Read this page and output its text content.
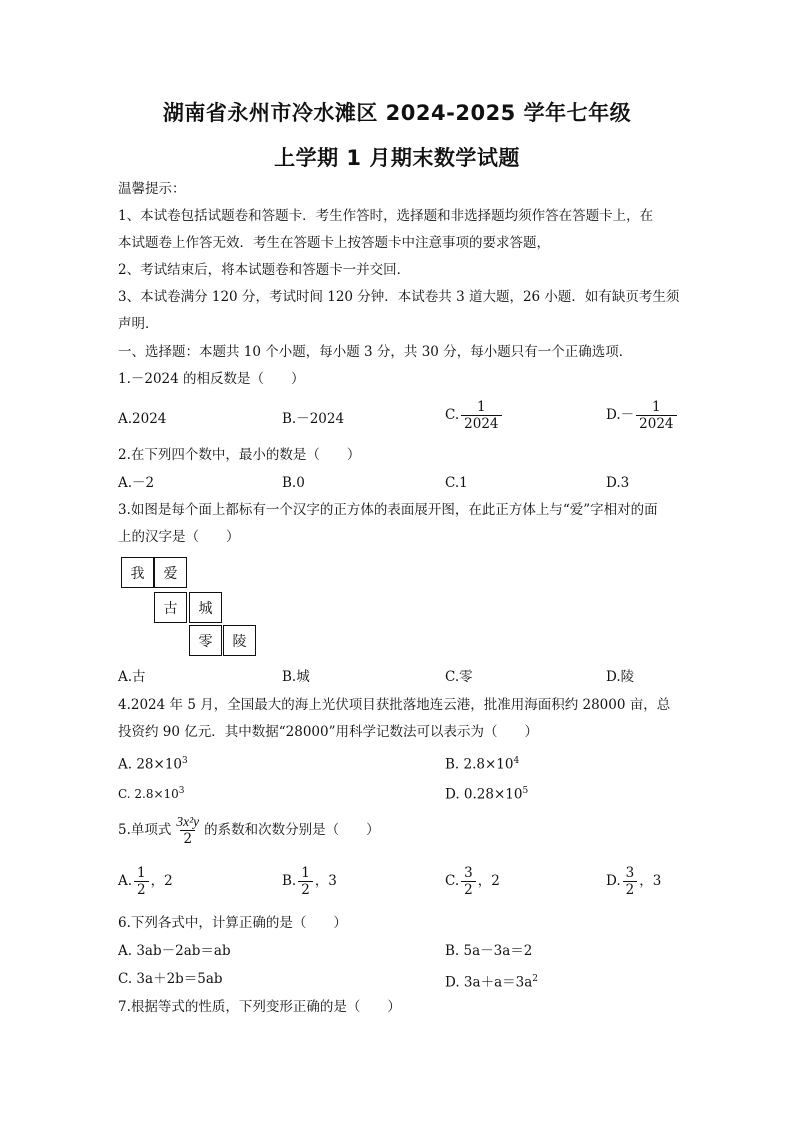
湖南省永州市冷水滩区 2024-2025 学年七年级
上学期 1 月期末数学试题
温馨提示：
1、本试卷包括试题卷和答题卡．考生作答时，选择题和非选择题均须作答在答题卡上，在
本试题卷上作答无效．考生在答题卡上按答题卡中注意事项的要求答题，
2、考试结束后，将本试题卷和答题卡一并交回．
3、本试卷满分 120 分，考试时间 120 分钟．本试卷共 3 道大题，26 小题．如有缺页考生须
声明．
一、选择题：本题共 10 个小题，每小题 3 分，共 30 分，每小题只有一个正确选项．
1.－2024 的相反数是（　　）
A.2024	B.－2024	C. $\frac{1}{2024}$	$D.- \frac{1}{2024}$
2.在下列四个数中，最小的数是（　　）
A.－2	B.0	C.1	D.3
3.如图是每个面上都标有一个汉字的正方体的表面展开图，在此正方体上与“爱”字相对的面
上的汉字是（　　）
我	爱
古	城
零	陵
A.古	B.城	C.零	D.陵
4.2024 年 5 月，全国最大的海上光伏项目获批落地连云港，批准用海面积约 28000 亩，总
投资约 90 亿元．其中数据“28000”用科学记数法可以表示为（　　）
A. $28\times 10^3$	B. $2.8\times 10^4$
C. $2.8\times 10^3$	D. $0.28\times 10^5$
5.单项式 $\frac{\text{3x²y}}{2}$ 的系数和次数分别是（　　）
A. $\frac{1}{2}$ ，2	B. $\frac{1}{2}$ ，3	C. $\frac{3}{2}$ ，2	D. $\frac{3}{2}$ ，3
6.下列各式中，计算正确的是（　　）
A. 3ab－2ab＝ab	B. 5a－3a＝2
C. 3a＋2b＝5ab	D. $3a+a=3a^2$
7.根据等式的性质，下列变形正确的是（　　）
